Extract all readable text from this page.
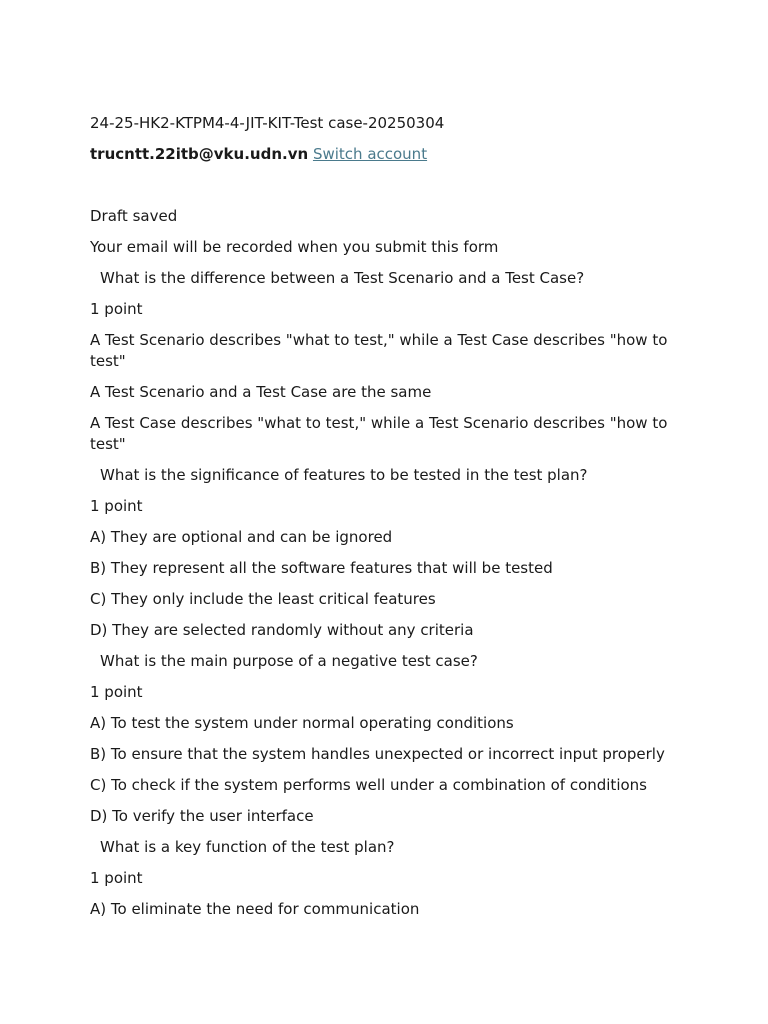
24-25-HK2-KTPM4-4-JIT-KIT-Test case-20250304
trucntt.22itb@vku.udn.vn Switch account
Draft saved
Your email will be recorded when you submit this form
What is the difference between a Test Scenario and a Test Case?
1 point
A Test Scenario describes "what to test," while a Test Case describes "how to test"
A Test Scenario and a Test Case are the same
A Test Case describes "what to test," while a Test Scenario describes "how to test"
What is the significance of features to be tested in the test plan?
1 point
A) They are optional and can be ignored
B) They represent all the software features that will be tested
C) They only include the least critical features
D) They are selected randomly without any criteria
What is the main purpose of a negative test case?
1 point
A) To test the system under normal operating conditions
B) To ensure that the system handles unexpected or incorrect input properly
C) To check if the system performs well under a combination of conditions
D) To verify the user interface
What is a key function of the test plan?
1 point
A) To eliminate the need for communication
